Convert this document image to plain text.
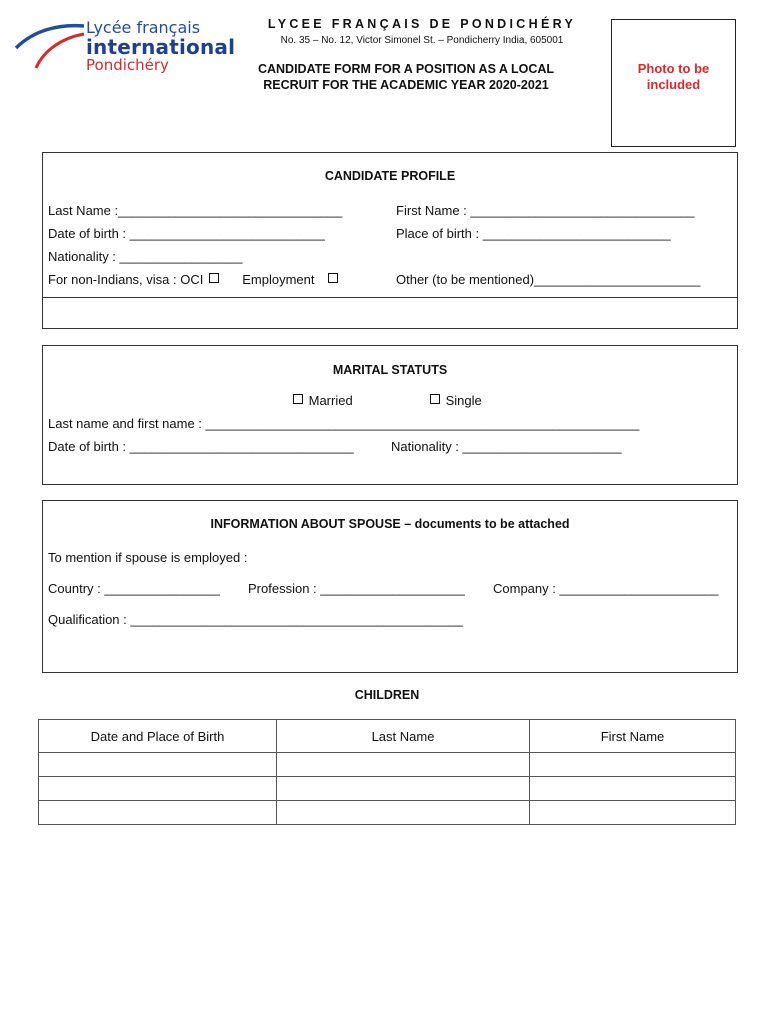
Lycée français
international
Pondichéry
LYCEE FRANÇAIS DE PONDICHÉRY
No. 35 – No. 12, Victor Simonel St. – Pondicherry India, 605001
CANDIDATE FORM FOR A POSITION AS A LOCAL
RECRUIT FOR THE ACADEMIC YEAR 2020-2021
Photo to be
included
CANDIDATE PROFILE
Last Name :_______________________________	First Name : _______________________________
Date of birth : ___________________________	Place of birth : __________________________
Nationality : _________________
For non-Indians, visa : OCI	Employment	Other (to be mentioned)_______________________
MARITAL STATUTS
Married	Single
Last name and first name : ____________________________________________________________
Date of birth : _______________________________	Nationality : ______________________
INFORMATION ABOUT SPOUSE – documents to be attached
To mention if spouse is employed :
Country : ________________ Profession : ____________________ Company : ______________________
Qualification : ______________________________________________
CHILDREN
Date and Place of Birth	Last Name	First Name
